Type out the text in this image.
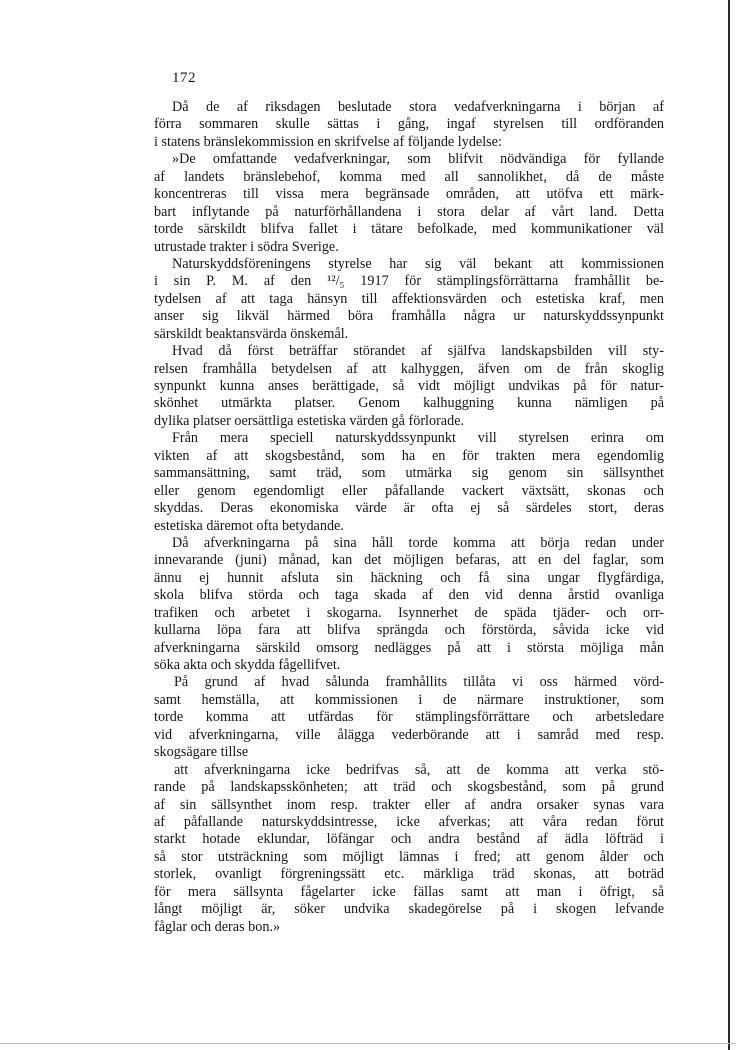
172
Då de af riksdagen beslutade stora vedafverkningarna i början af
förra sommaren skulle sättas i gång, ingaf styrelsen till ordföranden
i statens bränslekommission en skrifvelse af följande lydelse:
»De omfattande vedafverkningar, som blifvit nödvändiga för fyllande
af landets bränslebehof, komma med all sannolikhet, då de måste
koncentreras till vissa mera begränsade områden, att utöfva ett märk-
bart inflytande på naturförhållandena i stora delar af vårt land. Detta
torde särskildt blifva fallet i tätare befolkade, med kommunikationer väl
utrustade trakter i södra Sverige.
Naturskyddsföreningens styrelse har sig väl bekant att kommissionen
i sin P. M. af den ¹²/₅ 1917 för stämplingsförrättarna framhållit be-
tydelsen af att taga hänsyn till affektionsvärden och estetiska kraf, men
anser sig likväl härmed böra framhålla några ur naturskyddssynpunkt
särskildt beaktansvärda önskemål.
Hvad då först beträffar störandet af själfva landskapsbilden vill sty-
relsen framhålla betydelsen af att kalhyggen, äfven om de från skoglig
synpunkt kunna anses berättigade, så vidt möjligt undvikas på för natur-
skönhet utmärkta platser. Genom kalhuggning kunna nämligen på
dylika platser oersättliga estetiska värden gå förlorade.
Från mera speciell naturskyddssynpunkt vill styrelsen erinra om
vikten af att skogsbestånd, som ha en för trakten mera egendomlig
sammansättning, samt träd, som utmärka sig genom sin sällsynthet
eller genom egendomligt eller påfallande vackert växtsätt, skonas och
skyddas. Deras ekonomiska värde är ofta ej så särdeles stort, deras
estetiska däremot ofta betydande.
Då afverkningarna på sina håll torde komma att börja redan under
innevarande (juni) månad, kan det möjligen befaras, att en del faglar, som
ännu ej hunnit afsluta sin häckning och få sina ungar flygfärdiga,
skola blifva störda och taga skada af den vid denna årstid ovanliga
trafiken och arbetet i skogarna. Isynnerhet de späda tjäder- och orr-
kullarna löpa fara att blifva sprängda och förstörda, såvida icke vid
afverkningarna särskild omsorg nedlägges på att i största möjliga mån
söka akta och skydda fågellifvet.
På grund af hvad sålunda framhållits tillåta vi oss härmed vörd-
samt hemställa, att kommissionen i de närmare instruktioner, som
torde komma att utfärdas för stämplingsförrättare och arbetsledare
vid afverkningarna, ville ålägga vederbörande att i samråd med resp.
skogsägare tillse
att afverkningarna icke bedrifvas så, att de komma att verka stö-
rande på landskapsskönheten; att träd och skogsbestånd, som på grund
af sin sällsynthet inom resp. trakter eller af andra orsaker synas vara
af påfallande naturskyddsintresse, icke afverkas; att våra redan förut
starkt hotade eklundar, löfängar och andra bestånd af ädla löfträd i
så stor utsträckning som möjligt lämnas i fred; att genom ålder och
storlek, ovanligt förgreningssätt etc. märkliga träd skonas, att boträd
för mera sällsynta fågelarter icke fällas samt att man i öfrigt, så
långt möjligt är, söker undvika skadegörelse på i skogen lefvande
fåglar och deras bon.»
